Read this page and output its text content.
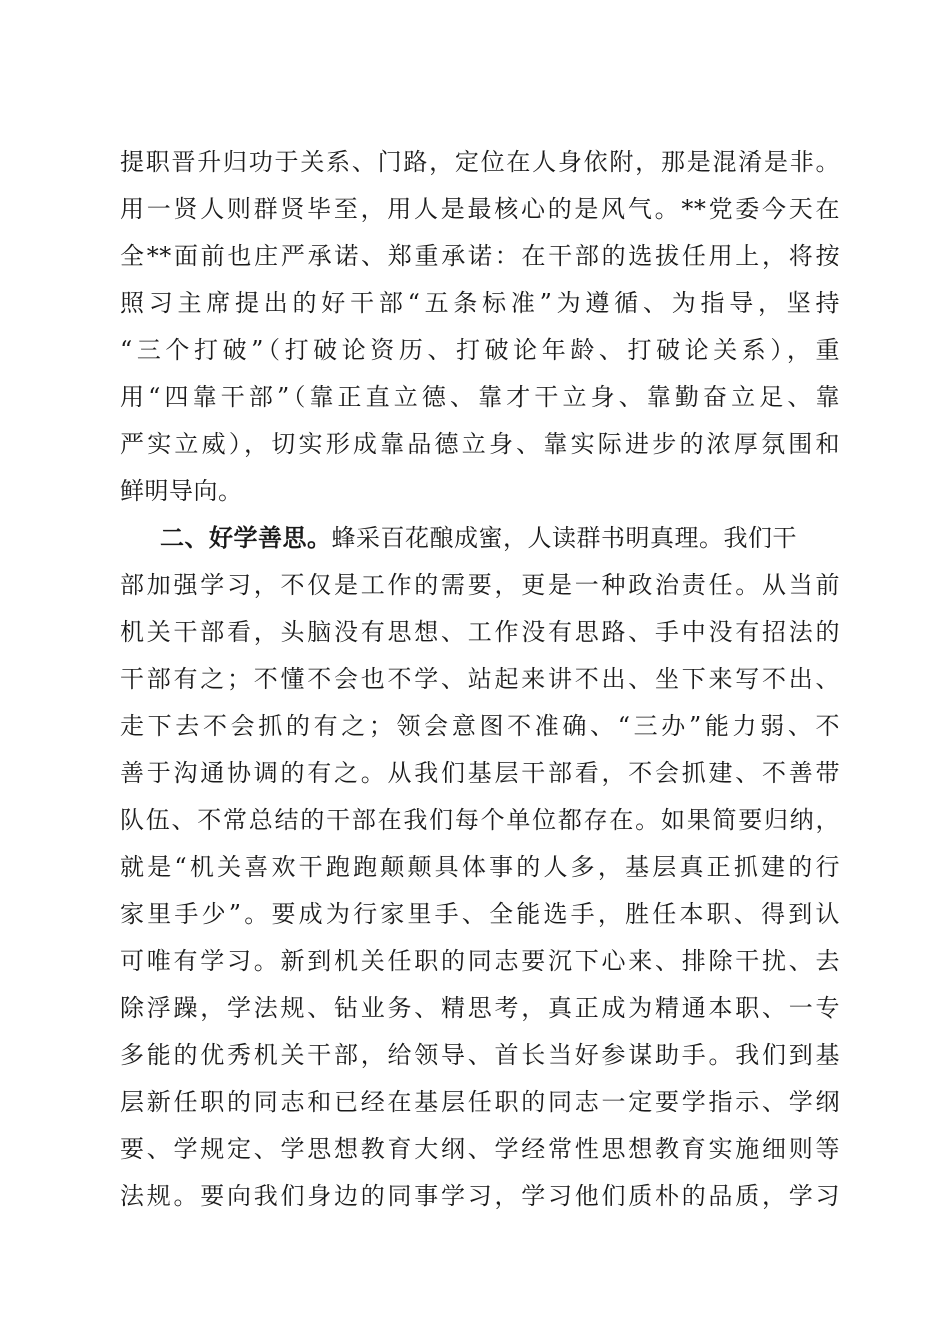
提职晋升归功于关系、门路，定位在人身依附，那是混淆是非。
用一贤人则群贤毕至，用人是最核心的是风气。**党委今天在
全**面前也庄严承诺、郑重承诺：在干部的选拔任用上，将按
照习主席提出的好干部“五条标准”为遵循、为指导，坚持
“三个打破”（打破论资历、打破论年龄、打破论关系），重
用“四靠干部”（靠正直立德、靠才干立身、靠勤奋立足、靠
严实立威），切实形成靠品德立身、靠实际进步的浓厚氛围和
鲜明导向。
二、好学善思。蜂采百花酿成蜜，人读群书明真理。我们干
部加强学习，不仅是工作的需要，更是一种政治责任。从当前
机关干部看，头脑没有思想、工作没有思路、手中没有招法的
干部有之；不懂不会也不学、站起来讲不出、坐下来写不出、
走下去不会抓的有之；领会意图不准确、“三办”能力弱、不
善于沟通协调的有之。从我们基层干部看，不会抓建、不善带
队伍、不常总结的干部在我们每个单位都存在。如果简要归纳，
就是“机关喜欢干跑跑颠颠具体事的人多，基层真正抓建的行
家里手少”。要成为行家里手、全能选手，胜任本职、得到认
可唯有学习。新到机关任职的同志要沉下心来、排除干扰、去
除浮躁，学法规、钻业务、精思考，真正成为精通本职、一专
多能的优秀机关干部，给领导、首长当好参谋助手。我们到基
层新任职的同志和已经在基层任职的同志一定要学指示、学纲
要、学规定、学思想教育大纲、学经常性思想教育实施细则等
法规。要向我们身边的同事学习，学习他们质朴的品质，学习
